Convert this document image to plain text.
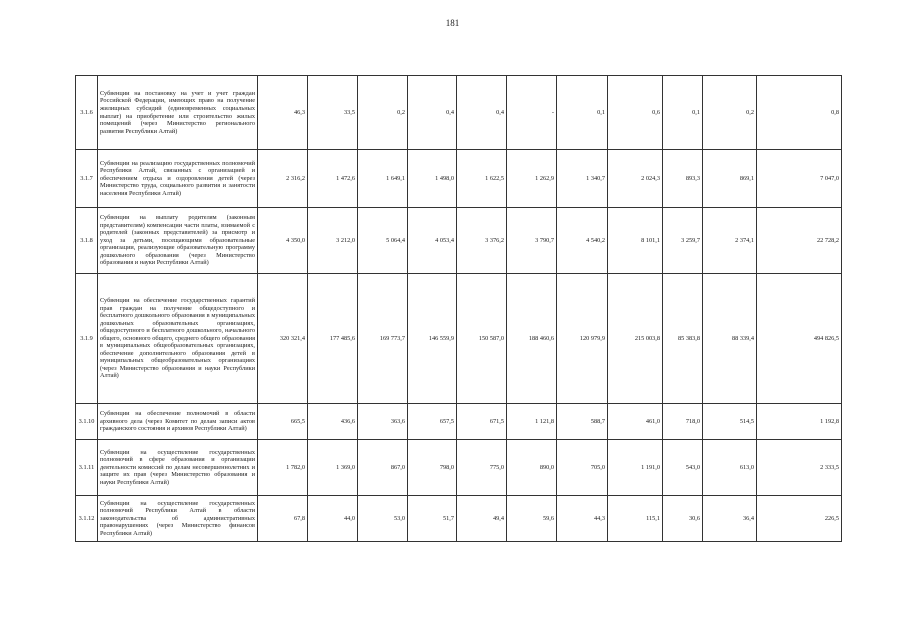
181
3.1.6	Субвенции на постановку на учет и учет граждан Российской Федерации, имеющих право на получение жилищных субсидий (единовременных социальных выплат) на приобретение или строительство жилых помещений (через Министерство регионального развития Республики Алтай)	46,3	33,5	0,2	0,4	0,4	-	0,1	0,6	0,1	0,2	0,8
3.1.7	Субвенции на реализацию государственных полномочий Республики Алтай, связанных с организацией и обеспечением отдыха и оздоровления детей (через Министерство труда, социального развития и занятости населения Республики Алтай)	2 316,2	1 472,6	1 649,1	1 498,0	1 622,5	1 262,9	1 340,7	2 024,3	893,3	869,1	7 047,0
3.1.8	Субвенции на выплату родителям (законным представителям) компенсации части платы, взимаемой с родителей (законных представителей) за присмотр и уход за детьми, посещающими образовательные организации, реализующие образовательную программу дошкольного образования (через Министерство образования и науки Республики Алтай)	4 350,0	3 212,0	5 064,4	4 053,4	3 376,2	3 790,7	4 540,2	8 101,1	3 259,7	2 374,1	22 728,2
3.1.9	Субвенции на обеспечение государственных гарантий прав граждан на получение общедоступного и бесплатного дошкольного образования в муниципальных дошкольных образовательных организациях, общедоступного и бесплатного дошкольного, начального общего, основного общего, среднего общего образования в муниципальных общеобразовательных организациях, обеспечение дополнительного образования детей в муниципальных общеобразовательных организациях (через Министерство образования и науки Республики Алтай)	320 321,4	177 485,6	169 773,7	146 559,9	150 587,0	188 460,6	120 979,9	215 003,8	85 383,8	88 339,4	494 826,5
3.1.10	Субвенции на обеспечение полномочий в области архивного дела (через Комитет по делам записи актов гражданского состояния и архивов Республики Алтай)	665,5	436,6	363,6	657,5	671,5	1 121,8	588,7	461,0	718,0	514,5	1 192,8
3.1.11	Субвенции на осуществление государственных полномочий в сфере образования и организации деятельности комиссий по делам несовершеннолетних и защите их прав (через Министерство образования и науки Республики Алтай)	1 782,0	1 369,0	867,0	798,0	775,0	890,0	705,0	1 191,0	543,0	613,0	2 333,5
3.1.12	Субвенции на осуществление государственных полномочий Республики Алтай в области законодательства об административных правонарушениях (через Министерство финансов Республики Алтай)	67,8	44,0	53,0	51,7	49,4	59,6	44,3	115,1	30,6	36,4	226,5
